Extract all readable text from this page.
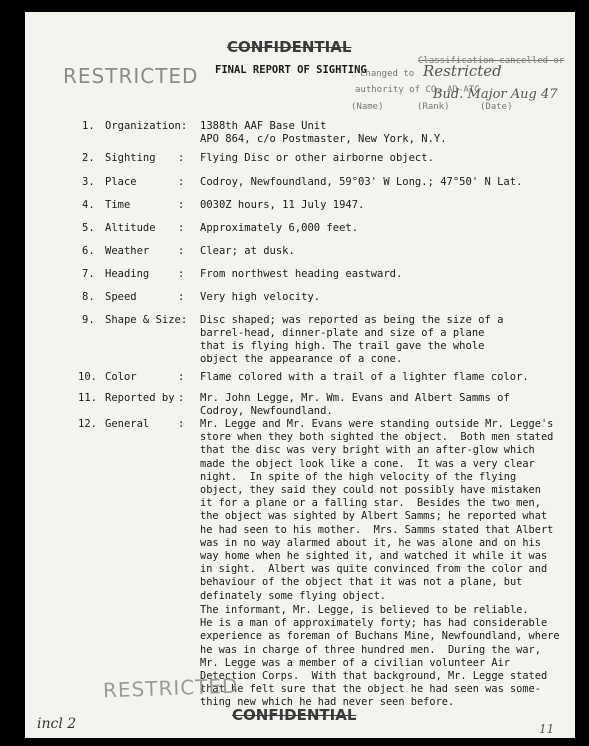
CONFIDENTIAL
RESTRICTED FINAL REPORT OF SIGHTING
Classification cancelled or
changed to Restricted
authority of CO, AD-ATC
Bud. Major Aug 47
(Name)	(Rank)	(Date)
1. Organization: 1388th AAF Base Unit
APO 864, c/o Postmaster, New York, N.Y.
2. Sighting : Flying Disc or other airborne object.
3. Place	: Codroy, Newfoundland, 59°03' W Long.; 47°50' N Lat.
4. Time	: 0030Z hours, 11 July 1947.
5. Altitude : Approximately 6,000 feet.
6. Weather	: Clear; at dusk.
7. Heading	: From northwest heading eastward.
8. Speed	: Very high velocity.
9. Shape & Size: Disc shaped; was reported as being the size of a
barrel-head, dinner-plate and size of a plane
that is flying high. The trail gave the whole
object the appearance of a cone.
10. Color	: Flame colored with a trail of a lighter flame color.
11. Reported by : Mr. John Legge, Mr. Wm. Evans and Albert Samms of
Codroy, Newfoundland.
12. General	: Mr. Legge and Mr. Evans were standing outside Mr. Legge's
store when they both sighted the object.  Both men stated
that the disc was very bright with an after-glow which
made the object look like a cone.  It was a very clear
night.  In spite of the high velocity of the flying
object, they said they could not possibly have mistaken
it for a plane or a falling star.  Besides the two men,
the object was sighted by Albert Samms; he reported what
he had seen to his mother.  Mrs. Samms stated that Albert
was in no way alarmed about it, he was alone and on his
way home when he sighted it, and watched it while it was
in sight.  Albert was quite convinced from the color and
behaviour of the object that it was not a plane, but
definately some flying object.
The informant, Mr. Legge, is believed to be reliable.
He is a man of approximately forty; has had considerable
experience as foreman of Buchans Mine, Newfoundland, where
he was in charge of three hundred men.  During the war,
Mr. Legge was a member of a civilian volunteer Air
Detection Corps.  With that background, Mr. Legge stated
that he felt sure that the object he had seen was some-
thing new which he had never seen before.
RESTRICTED
CONFIDENTIAL
incl 2	11
